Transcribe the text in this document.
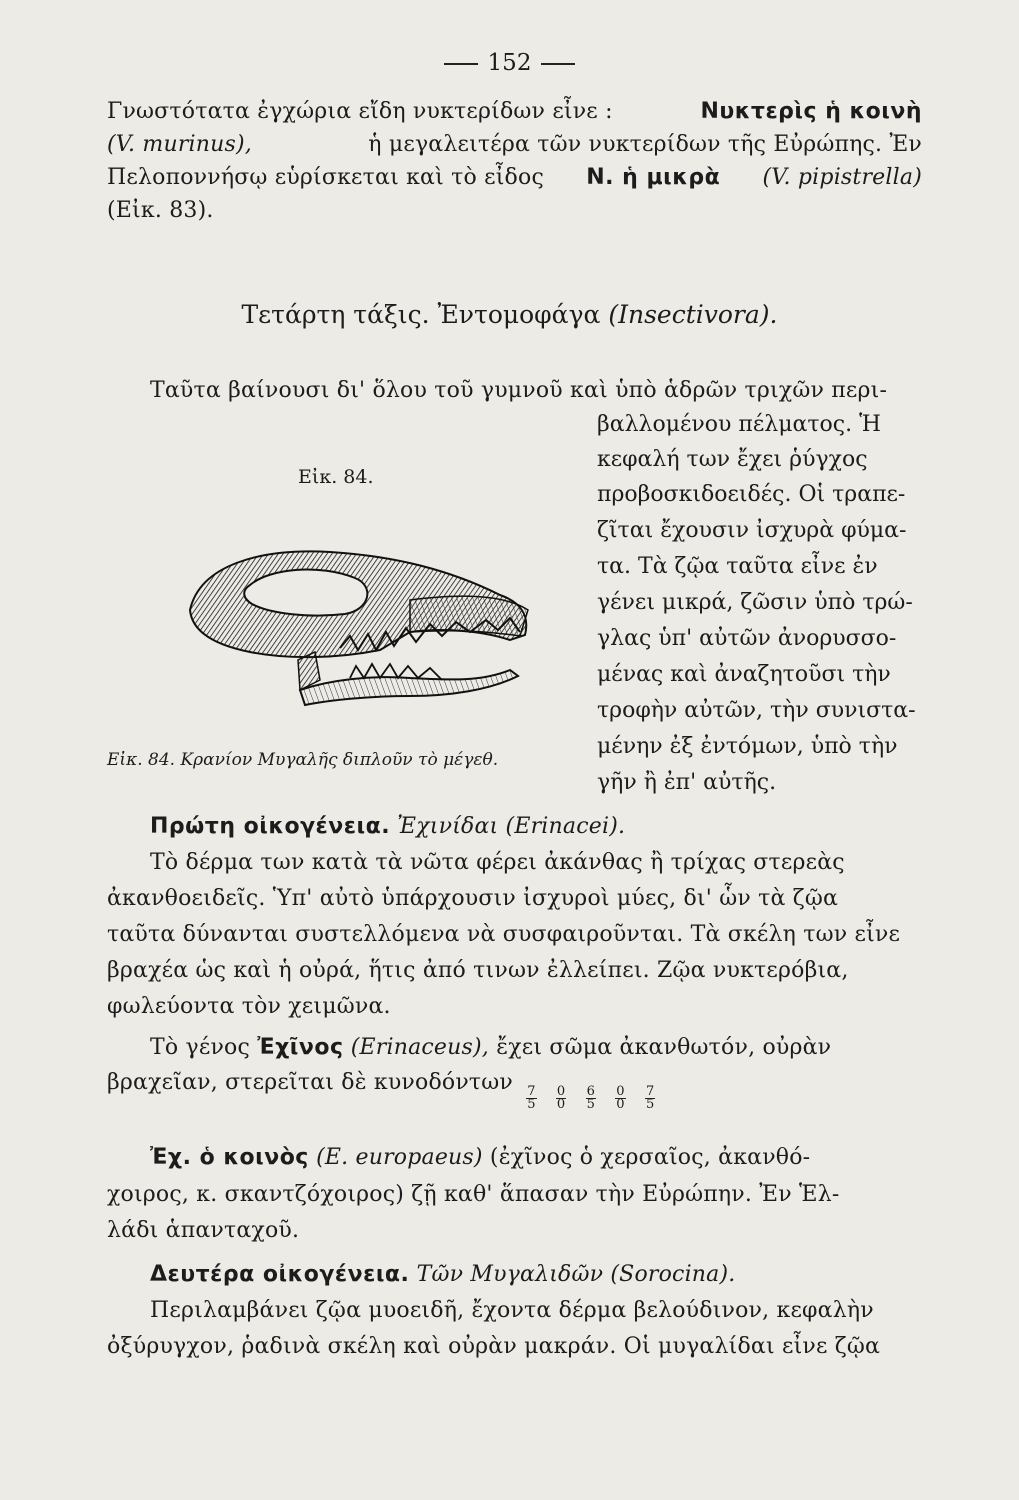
152
Γνωστότατα ἐγχώρια εἴδη νυκτερίδων εἶνε :	Νυκτερὶς ἡ κοινὴ
(V. murinus),	ἡ μεγαλειτέρα τῶν νυκτερίδων τῆς Εὐρώπης. Ἐν
Πελοποννήσῳ εὑρίσκεται καὶ τὸ εἶδος Ν. ἡ μικρὰ (V. pipistrella)
(Εἰκ. 83).
Τετάρτη τάξις. Ἐντομοφάγα (Insectivora).
Ταῦτα βαίνουσι δι' ὅλου τοῦ γυμνοῦ καὶ ὑπὸ ἁδρῶν τριχῶν περι-
Εἰκ. 84.
Εἰκ. 84. Κρανίον Μυγαλῆς διπλοῦν τὸ μέγεθ.
βαλλομένου πέλματος. Ἡ
κεφαλή των ἔχει ῥύγχος
προβοσκιδοειδές. Οἱ τραπε-
ζῖται ἔχουσιν ἰσχυρὰ φύμα-
τα. Τὰ ζῷα ταῦτα εἶνε ἐν
γένει μικρά, ζῶσιν ὑπὸ τρώ-
γλας ὑπ' αὐτῶν ἀνορυσσο-
μένας καὶ ἀναζητοῦσι τὴν
τροφὴν αὐτῶν, τὴν συνιστα-
μένην ἐξ ἐντόμων, ὑπὸ τὴν
γῆν ἢ ἐπ' αὐτῆς.
Πρώτη οἰκογένεια. Ἐχινίδαι (Erinacei).
Τὸ δέρμα των κατὰ τὰ νῶτα φέρει ἀκάνθας ἢ τρίχας στερεὰς
ἀκανθοειδεῖς. Ὑπ' αὐτὸ ὑπάρχουσιν ἰσχυροὶ μύες, δι' ὧν τὰ ζῷα
ταῦτα δύνανται συστελλόμενα νὰ συσφαιροῦνται. Τὰ σκέλη των εἶνε
βραχέα ὡς καὶ ἡ οὐρά, ἥτις ἀπό τινων ἐλλείπει. Ζῷα νυκτερόβια,
φωλεύοντα τὸν χειμῶνα.
Τὸ γένος Ἐχῖνος (Erinaceus), ἔχει σῶμα ἀκανθωτόν, οὐρὰν
βραχεῖαν, στερεῖται δὲ κυνοδόντων
$\frac{7}{5}$
$\frac{0}{0}$
$\frac{6}{5}$
$\frac{0}{0}$
$\frac{7}{5}$
Ἐχ. ὁ κοινὸς (E. europaeus) (ἐχῖνος ὁ χερσαῖος, ἀκανθό-
χοιρος, κ. σκαντζόχοιρος) ζῇ καθ' ἅπασαν τὴν Εὐρώπην. Ἐν Ἑλ-
λάδι ἁπανταχοῦ.
Δευτέρα οἰκογένεια. Τῶν Μυγαλιδῶν (Sorocina).
Περιλαμβάνει ζῷα μυοειδῆ, ἔχοντα δέρμα βελούδινον, κεφαλὴν
ὀξύρυγχον, ῥαδινὰ σκέλη καὶ οὐρὰν μακράν. Οἱ μυγαλίδαι εἶνε ζῷα
